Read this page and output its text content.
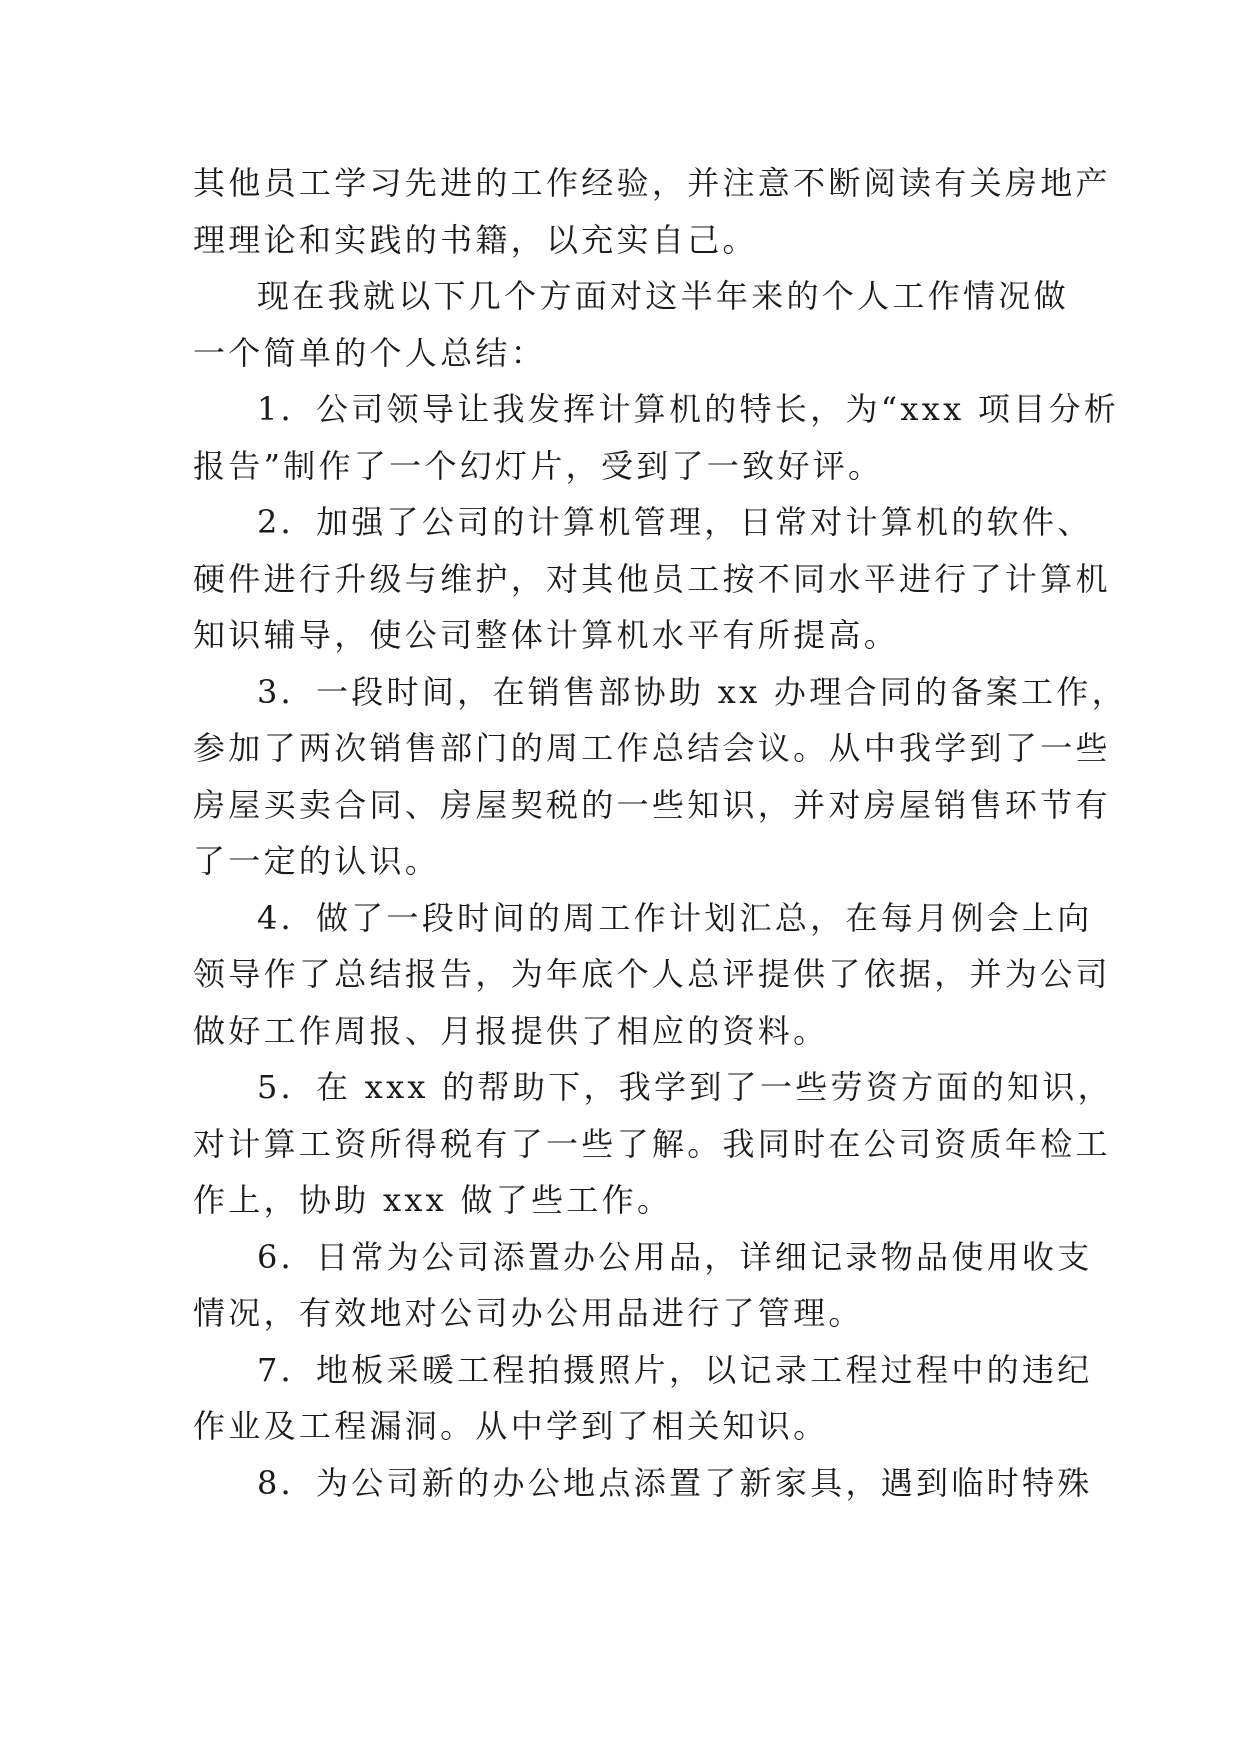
其他员工学习先进的工作经验，并注意不断阅读有关房地产
理理论和实践的书籍，以充实自己。
现在我就以下几个方面对这半年来的个人工作情况做
一个简单的个人总结：
1．公司领导让我发挥计算机的特长，为“xxx 项目分析
报告”制作了一个幻灯片，受到了一致好评。
2．加强了公司的计算机管理，日常对计算机的软件、
硬件进行升级与维护，对其他员工按不同水平进行了计算机
知识辅导，使公司整体计算机水平有所提高。
3．一段时间，在销售部协助 xx 办理合同的备案工作，
参加了两次销售部门的周工作总结会议。从中我学到了一些
房屋买卖合同、房屋契税的一些知识，并对房屋销售环节有
了一定的认识。
4．做了一段时间的周工作计划汇总，在每月例会上向
领导作了总结报告，为年底个人总评提供了依据，并为公司
做好工作周报、月报提供了相应的资料。
5．在 xxx 的帮助下，我学到了一些劳资方面的知识，
对计算工资所得税有了一些了解。我同时在公司资质年检工
作上，协助 xxx 做了些工作。
6．日常为公司添置办公用品，详细记录物品使用收支
情况，有效地对公司办公用品进行了管理。
7．地板采暖工程拍摄照片，以记录工程过程中的违纪
作业及工程漏洞。从中学到了相关知识。
8．为公司新的办公地点添置了新家具，遇到临时特殊
